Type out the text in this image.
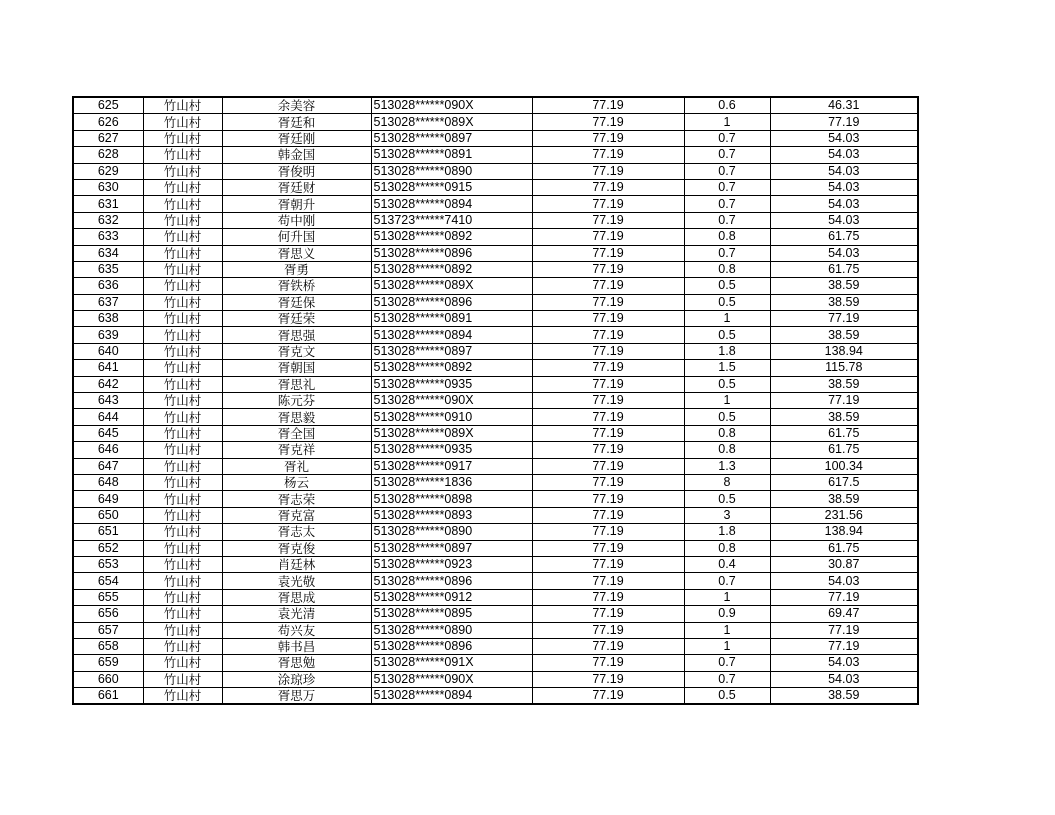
625	竹山村	余美容	513028******090X	77.19	0.6	46.31
626	竹山村	胥廷和	513028******089X	77.19	1	77.19
627	竹山村	胥廷刚	513028******0897	77.19	0.7	54.03
628	竹山村	韩金国	513028******0891	77.19	0.7	54.03
629	竹山村	胥俊明	513028******0890	77.19	0.7	54.03
630	竹山村	胥廷财	513028******0915	77.19	0.7	54.03
631	竹山村	胥朝升	513028******0894	77.19	0.7	54.03
632	竹山村	苟中刚	513723******7410	77.19	0.7	54.03
633	竹山村	何升国	513028******0892	77.19	0.8	61.75
634	竹山村	胥思义	513028******0896	77.19	0.7	54.03
635	竹山村	胥勇	513028******0892	77.19	0.8	61.75
636	竹山村	胥铁桥	513028******089X	77.19	0.5	38.59
637	竹山村	胥廷保	513028******0896	77.19	0.5	38.59
638	竹山村	胥廷荣	513028******0891	77.19	1	77.19
639	竹山村	胥思强	513028******0894	77.19	0.5	38.59
640	竹山村	胥克文	513028******0897	77.19	1.8	138.94
641	竹山村	胥朝国	513028******0892	77.19	1.5	115.78
642	竹山村	胥思礼	513028******0935	77.19	0.5	38.59
643	竹山村	陈元芬	513028******090X	77.19	1	77.19
644	竹山村	胥思毅	513028******0910	77.19	0.5	38.59
645	竹山村	胥全国	513028******089X	77.19	0.8	61.75
646	竹山村	胥克祥	513028******0935	77.19	0.8	61.75
647	竹山村	胥礼	513028******0917	77.19	1.3	100.34
648	竹山村	杨云	513028******1836	77.19	8	617.5
649	竹山村	胥志荣	513028******0898	77.19	0.5	38.59
650	竹山村	胥克富	513028******0893	77.19	3	231.56
651	竹山村	胥志太	513028******0890	77.19	1.8	138.94
652	竹山村	胥克俊	513028******0897	77.19	0.8	61.75
653	竹山村	肖廷林	513028******0923	77.19	0.4	30.87
654	竹山村	袁光敬	513028******0896	77.19	0.7	54.03
655	竹山村	胥思成	513028******0912	77.19	1	77.19
656	竹山村	袁光清	513028******0895	77.19	0.9	69.47
657	竹山村	苟兴友	513028******0890	77.19	1	77.19
658	竹山村	韩书昌	513028******0896	77.19	1	77.19
659	竹山村	胥思勉	513028******091X	77.19	0.7	54.03
660	竹山村	涂琼珍	513028******090X	77.19	0.7	54.03
661	竹山村	胥思万	513028******0894	77.19	0.5	38.59
